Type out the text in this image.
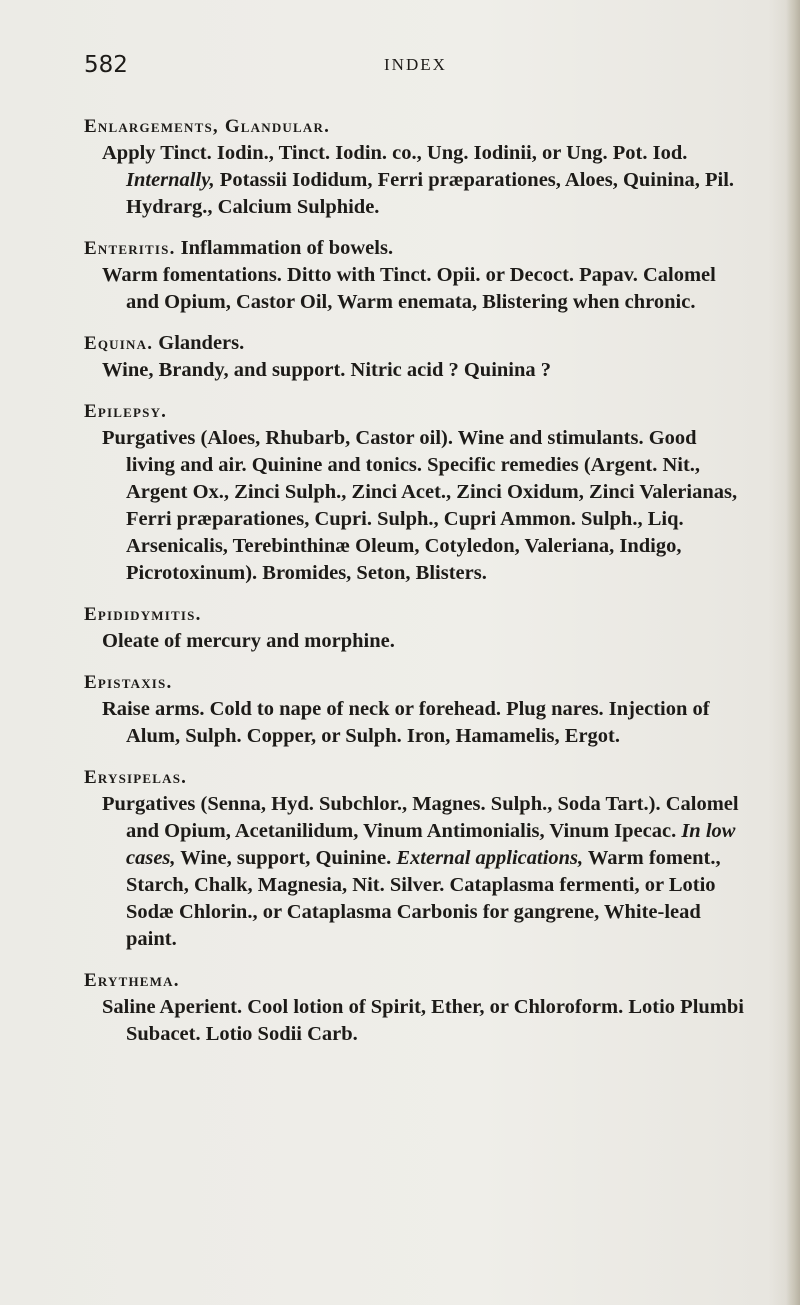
582	INDEX
Enlargements, Glandular.
Apply Tinct. Iodin., Tinct. Iodin. co., Ung. Iodinii, or Ung. Pot. Iod. Internally, Potassii Iodidum, Ferri præparationes, Aloes, Quinina, Pil. Hydrarg., Calcium Sulphide.
Enteritis. Inflammation of bowels.
Warm fomentations. Ditto with Tinct. Opii. or Decoct. Papav. Calomel and Opium, Castor Oil, Warm enemata, Blistering when chronic.
Equina. Glanders.
Wine, Brandy, and support. Nitric acid ? Quinina ?
Epilepsy.
Purgatives (Aloes, Rhubarb, Castor oil). Wine and stimulants. Good living and air. Quinine and tonics. Specific remedies (Argent. Nit., Argent Ox., Zinci Sulph., Zinci Acet., Zinci Oxidum, Zinci Valerianas, Ferri præparationes, Cupri. Sulph., Cupri Ammon. Sulph., Liq. Arsenicalis, Terebinthinæ Oleum, Cotyledon, Valeriana, Indigo, Picrotoxinum). Bromides, Seton, Blisters.
Epididymitis.
Oleate of mercury and morphine.
Epistaxis.
Raise arms. Cold to nape of neck or forehead. Plug nares. Injection of Alum, Sulph. Copper, or Sulph. Iron, Hamamelis, Ergot.
Erysipelas.
Purgatives (Senna, Hyd. Subchlor., Magnes. Sulph., Soda Tart.). Calomel and Opium, Acetanilidum, Vinum Antimonialis, Vinum Ipecac. In low cases, Wine, support, Quinine. External applications, Warm foment., Starch, Chalk, Magnesia, Nit. Silver. Cataplasma fermenti, or Lotio Sodæ Chlorin., or Cataplasma Carbonis for gangrene, White-lead paint.
Erythema.
Saline Aperient. Cool lotion of Spirit, Ether, or Chloroform. Lotio Plumbi Subacet. Lotio Sodii Carb.
